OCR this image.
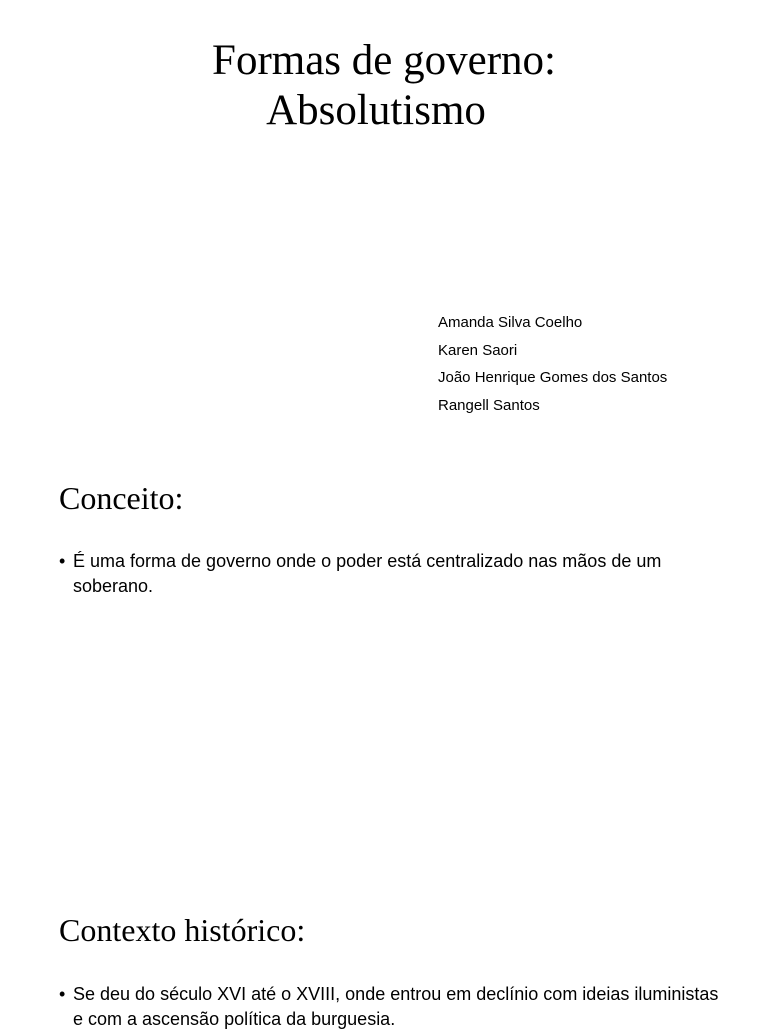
Formas de governo:
Absolutismo
Amanda Silva Coelho
Karen Saori
João Henrique Gomes dos Santos
Rangell Santos
Conceito:
• É uma forma de governo onde o poder está centralizado nas mãos de um soberano.
Contexto histórico:
• Se deu do século XVI até o XVIII, onde entrou em declínio com ideias iluministas e com a ascensão política da burguesia.
